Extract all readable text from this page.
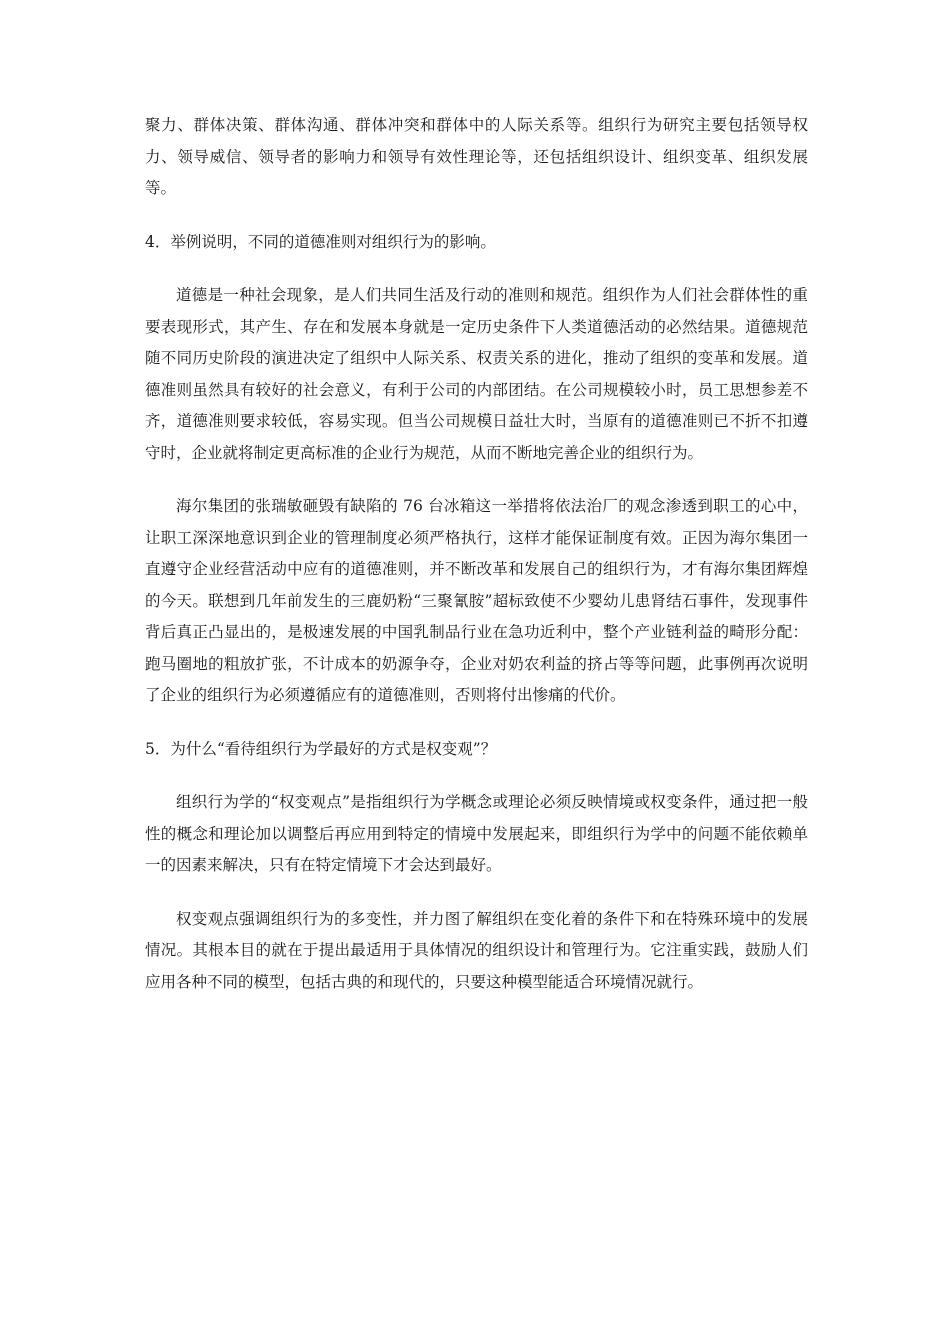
聚力、群体决策、群体沟通、群体冲突和群体中的人际关系等。组织行为研究主要包括领导权力、领导威信、领导者的影响力和领导有效性理论等，还包括组织设计、组织变革、组织发展等。

4．举例说明，不同的道德准则对组织行为的影响。

道德是一种社会现象，是人们共同生活及行动的准则和规范。组织作为人们社会群体性的重要表现形式，其产生、存在和发展本身就是一定历史条件下人类道德活动的必然结果。道德规范随不同历史阶段的演进决定了组织中人际关系、权责关系的进化，推动了组织的变革和发展。道德准则虽然具有较好的社会意义，有利于公司的内部团结。在公司规模较小时，员工思想参差不齐，道德准则要求较低，容易实现。但当公司规模日益壮大时，当原有的道德准则已不折不扣遵守时，企业就将制定更高标准的企业行为规范，从而不断地完善企业的组织行为。

海尔集团的张瑞敏砸毁有缺陷的 76 台冰箱这一举措将依法治厂的观念渗透到职工的心中，让职工深深地意识到企业的管理制度必须严格执行，这样才能保证制度有效。正因为海尔集团一直遵守企业经营活动中应有的道德准则，并不断改革和发展自己的组织行为，才有海尔集团辉煌的今天。联想到几年前发生的三鹿奶粉“三聚氰胺”超标致使不少婴幼儿患肾结石事件，发现事件背后真正凸显出的，是极速发展的中国乳制品行业在急功近利中，整个产业链利益的畸形分配：跑马圈地的粗放扩张，不计成本的奶源争夺，企业对奶农利益的挤占等等问题，此事例再次说明了企业的组织行为必须遵循应有的道德准则，否则将付出惨痛的代价。

5．为什么“看待组织行为学最好的方式是权变观”？

组织行为学的“权变观点”是指组织行为学概念或理论必须反映情境或权变条件，通过把一般性的概念和理论加以调整后再应用到特定的情境中发展起来，即组织行为学中的问题不能依赖单一的因素来解决，只有在特定情境下才会达到最好。

权变观点强调组织行为的多变性，并力图了解组织在变化着的条件下和在特殊环境中的发展情况。其根本目的就在于提出最适用于具体情况的组织设计和管理行为。它注重实践，鼓励人们应用各种不同的模型，包括古典的和现代的，只要这种模型能适合环境情况就行。
